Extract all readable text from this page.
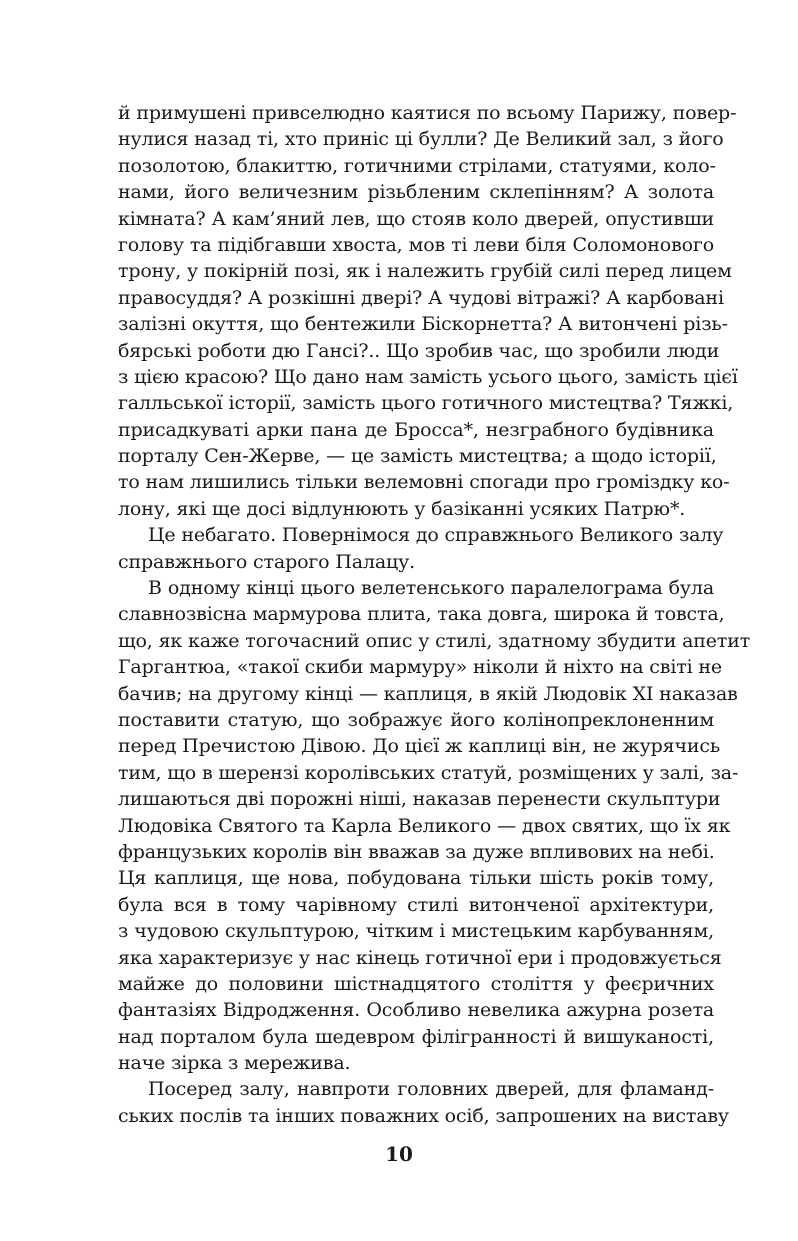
й примушені привселюдно каятися по всьому Парижу, повер-
нулися назад ті, хто приніс ці булли? Де Великий зал, з його
позолотою, блакиттю, готичними стрілами, статуями, коло-
нами, його величезним різьбленим склепінням? А золота
кімната? А кам’яний лев, що стояв коло дверей, опустивши
голову та підібгавши хвоста, мов ті леви біля Соломонового
трону, у покірній позі, як і належить грубій силі перед лицем
правосуддя? А розкішні двері? А чудові вітражі? А карбовані
залізні окуття, що бентежили Біскорнетта? А витончені різь-
бярські роботи дю Гансі?.. Що зробив час, що зробили люди
з цією красою? Що дано нам замість усього цього, замість цієї
галльської історії, замість цього готичного мистецтва? Тяжкі,
присадкуваті арки пана де Бросса*, незграбного будівника
порталу Сен-Жерве, — це замість мистецтва; а щодо історії,
то нам лишились тільки велемовні спогади про громіздку ко-
лону, які ще досі відлунюють у базіканні усяких Патрю*.
Це небагато. Повернімося до справжнього Великого залу
справжнього старого Палацу.
В одному кінці цього велетенського паралелограма була
славнозвісна мармурова плита, така довга, широка й товста,
що, як каже тогочасний опис у стилі, здатному збудити апетит
Гаргантюа, «такої скиби мармуру» ніколи й ніхто на світі не
бачив; на другому кінці — каплиця, в якій Людовік XI наказав
поставити статую, що зображує його колінопреклоненним
перед Пречистою Дівою. До цієї ж каплиці він, не журячись
тим, що в шерензі королівських статуй, розміщених у залі, за-
лишаються дві порожні ніші, наказав перенести скульптури
Людовіка Святого та Карла Великого — двох святих, що їх як
французьких королів він вважав за дуже впливових на небі.
Ця каплиця, ще нова, побудована тільки шість років тому,
була вся в тому чарівному стилі витонченої архітектури,
з чудовою скульптурою, чітким і мистецьким карбуванням,
яка характеризує у нас кінець готичної ери і продовжується
майже до половини шістнадцятого століття у феєричних
фантазіях Відродження. Особливо невелика ажурна розета
над порталом була шедевром філігранності й вишуканості,
наче зірка з мережива.
Посеред залу, навпроти головних дверей, для фламанд-
ських послів та інших поважних осіб, запрошених на виставу
10
